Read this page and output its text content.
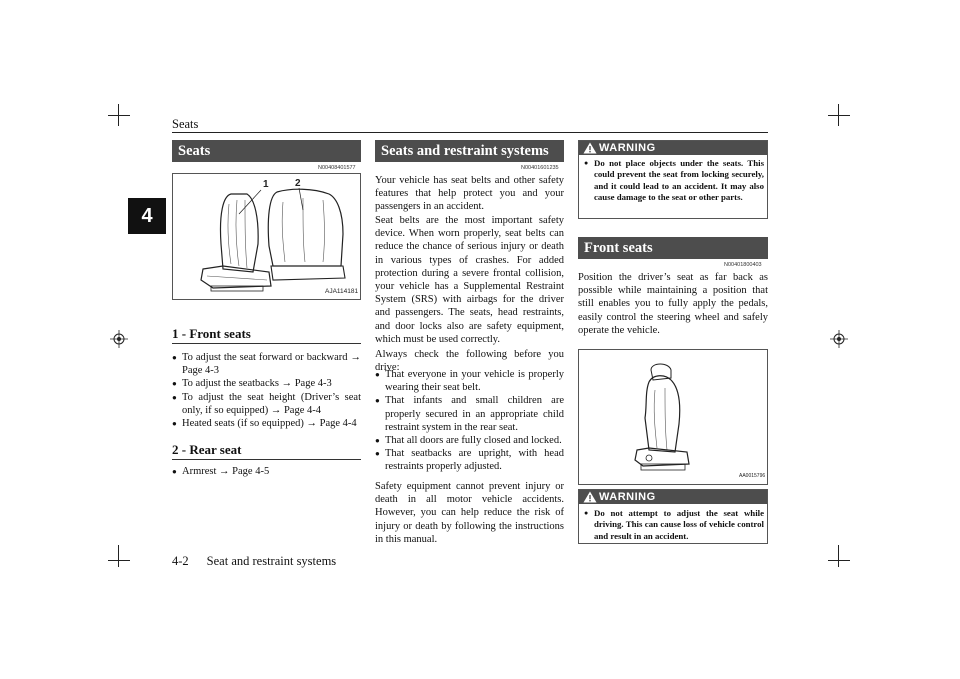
Seats
4
Seats
N00408401577
1	2
AJA114181
1 - Front seats
● To adjust the seat forward or backward → Page 4-3
● To adjust the seatbacks → Page 4-3
● To adjust the seat height (Driver’s seat only, if so equipped) → Page 4-4
● Heated seats (if so equipped) → Page 4-4
2 - Rear seat
● Armrest → Page 4-5
Seats and restraint systems
N00401601235
Your vehicle has seat belts and other safety features that help protect you and your passengers in an accident.
Seat belts are the most important safety device. When worn properly, seat belts can reduce the chance of serious injury or death in various types of crashes. For added protection during a severe frontal collision, your vehicle has a Supplemental Restraint System (SRS) with airbags for the driver and passengers. The seats, head restraints, and door locks also are safety equipment, which must be used correctly.
Always check the following before you drive:
● That everyone in your vehicle is properly wearing their seat belt.
● That infants and small children are properly secured in an appropriate child restraint system in the rear seat.
● That all doors are fully closed and locked.
● That seatbacks are upright, with head restraints properly adjusted.
Safety equipment cannot prevent injury or death in all motor vehicle accidents. However, you can help reduce the risk of injury or death by following the instructions in this manual.
WARNING
● Do not place objects under the seats. This could prevent the seat from locking securely, and it could lead to an accident. It may also cause damage to the seat or other parts.
Front seats
N00401800403
Position the driver’s seat as far back as possible while maintaining a position that still enables you to fully apply the pedals, easily control the steering wheel and safely operate the vehicle.
AA0015796
WARNING
● Do not attempt to adjust the seat while driving. This can cause loss of vehicle control and result in an accident.
4-2 Seat and restraint systems
